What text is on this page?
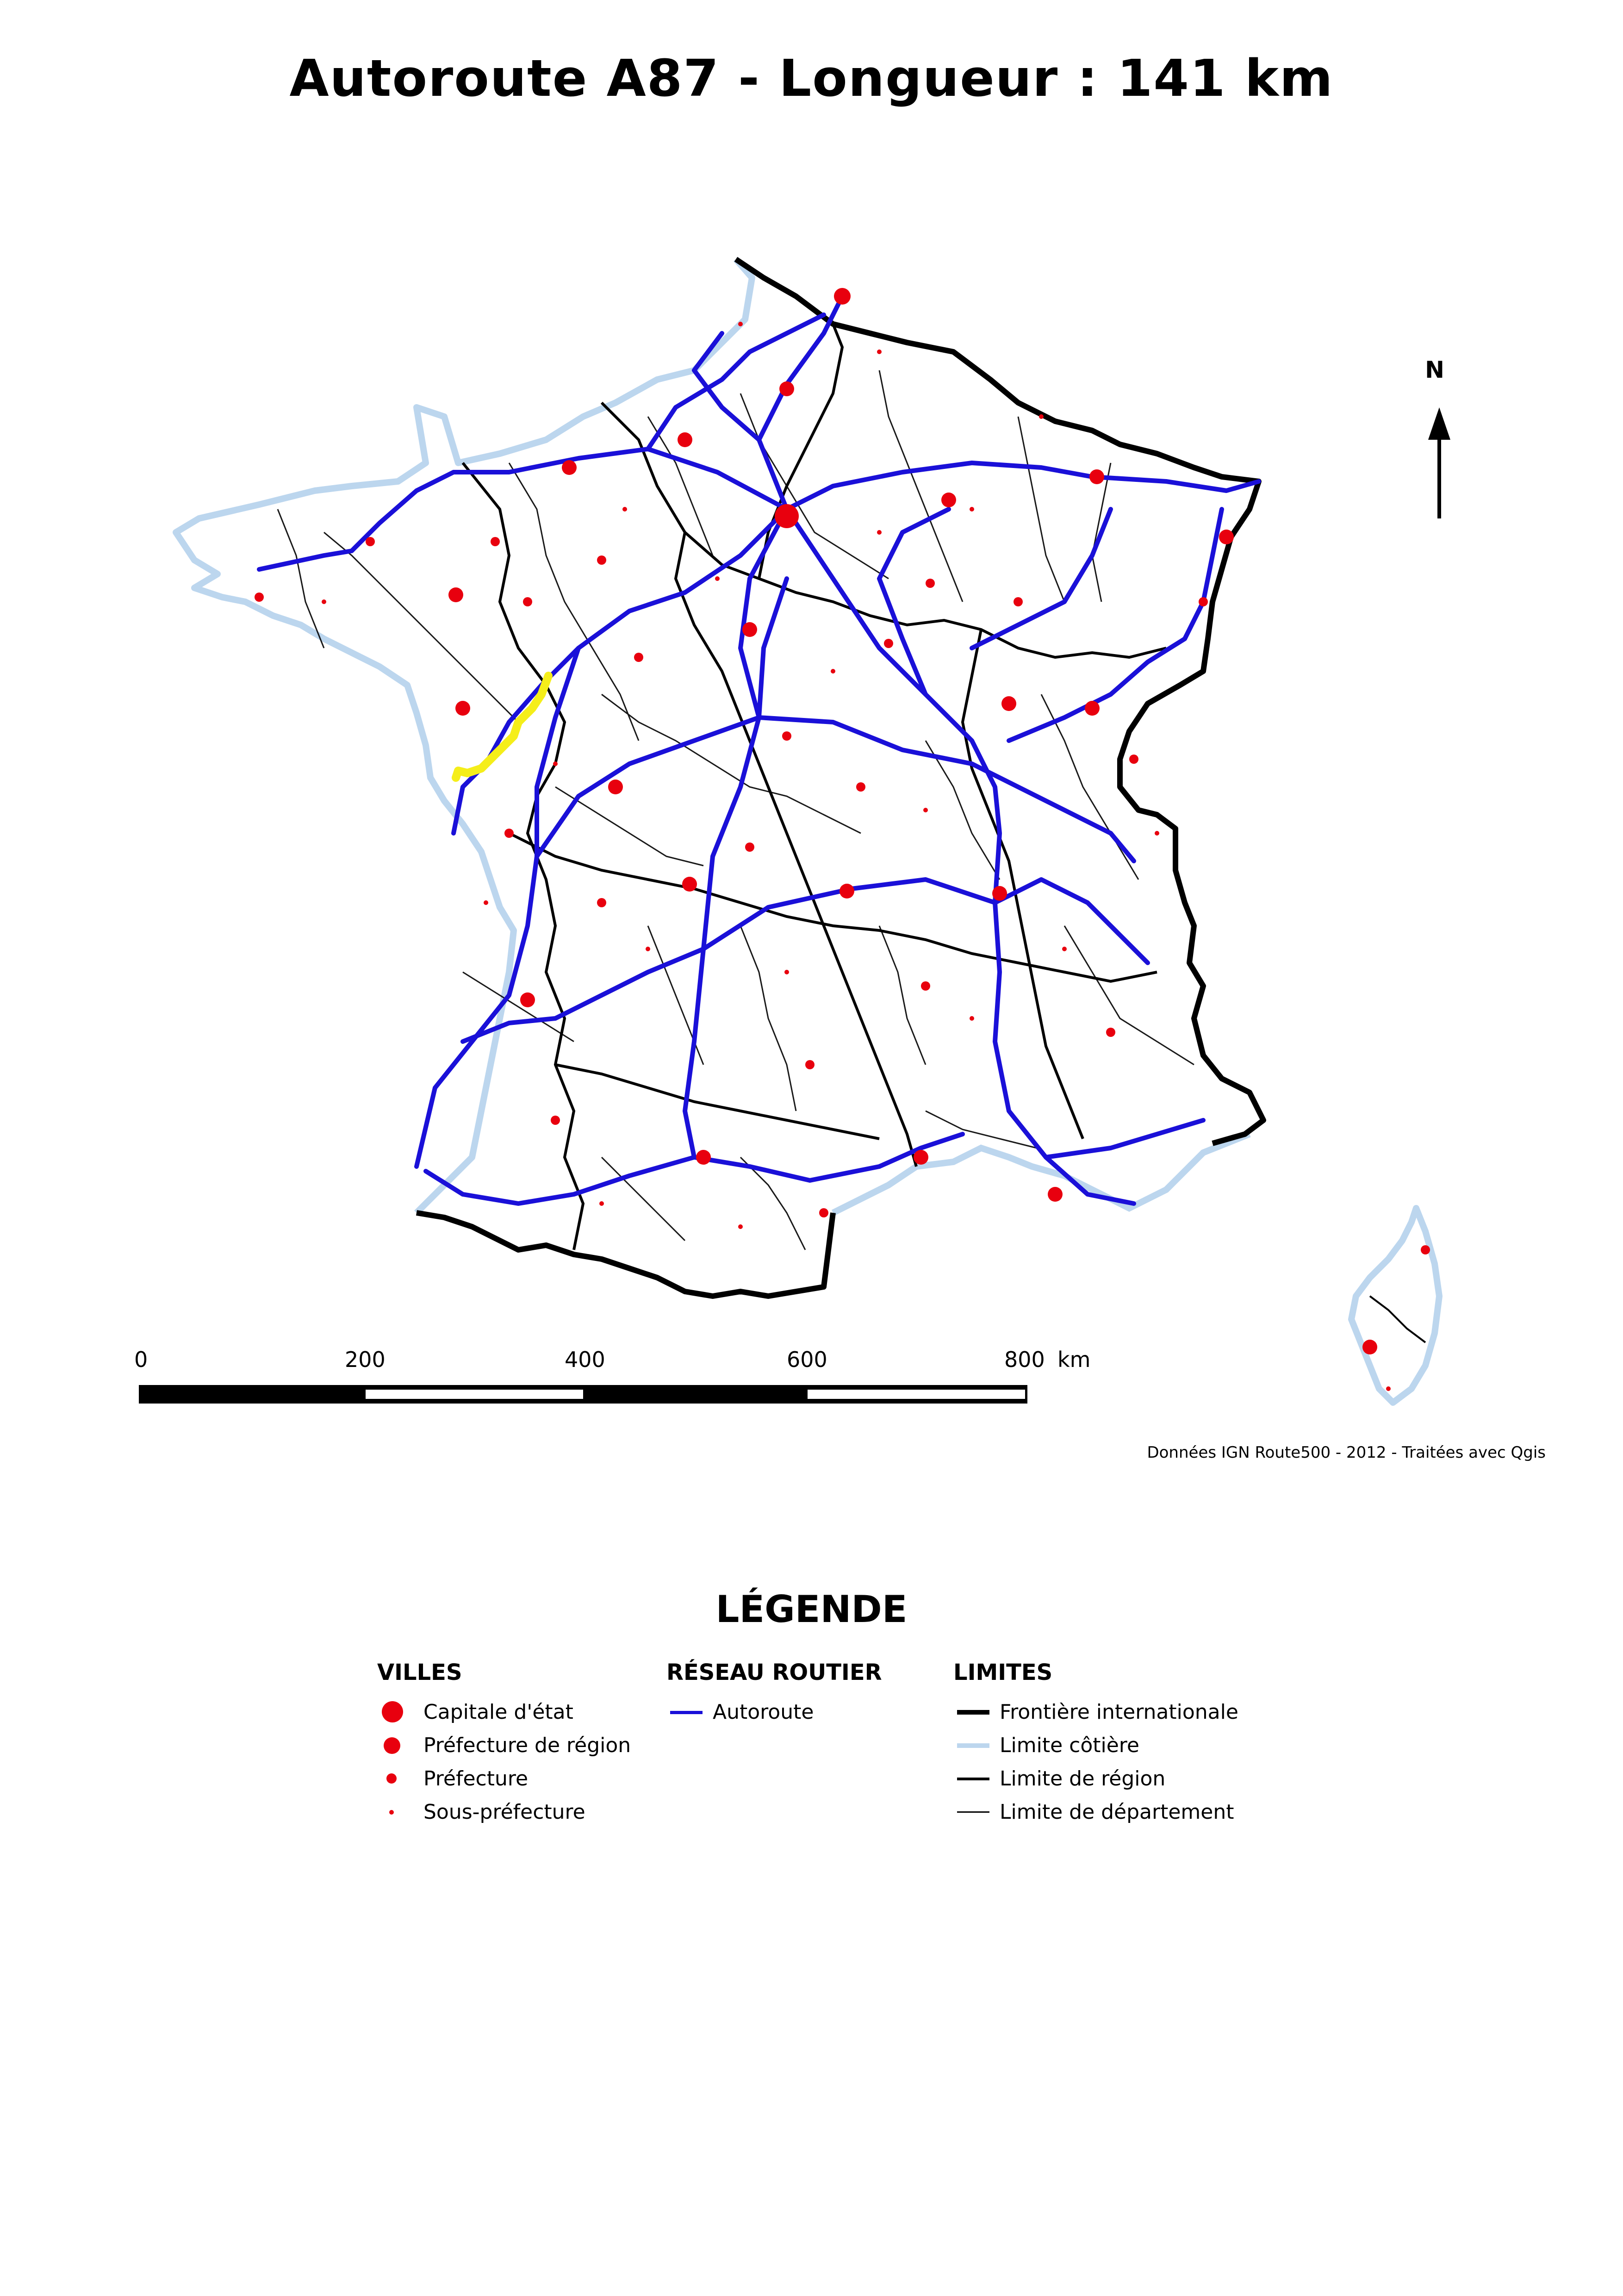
Autoroute A87 - Longueur : 141 km
N
0	200	400	600	800 km
Données IGN Route500 - 2012 - Traitées avec Qgis
LÉGENDE
VILLES
Capitale d'état
Préfecture de région
Préfecture
Sous-préfecture
RÉSEAU ROUTIER
Autoroute
LIMITES
Frontière internationale
Limite côtière
Limite de région
Limite de département
